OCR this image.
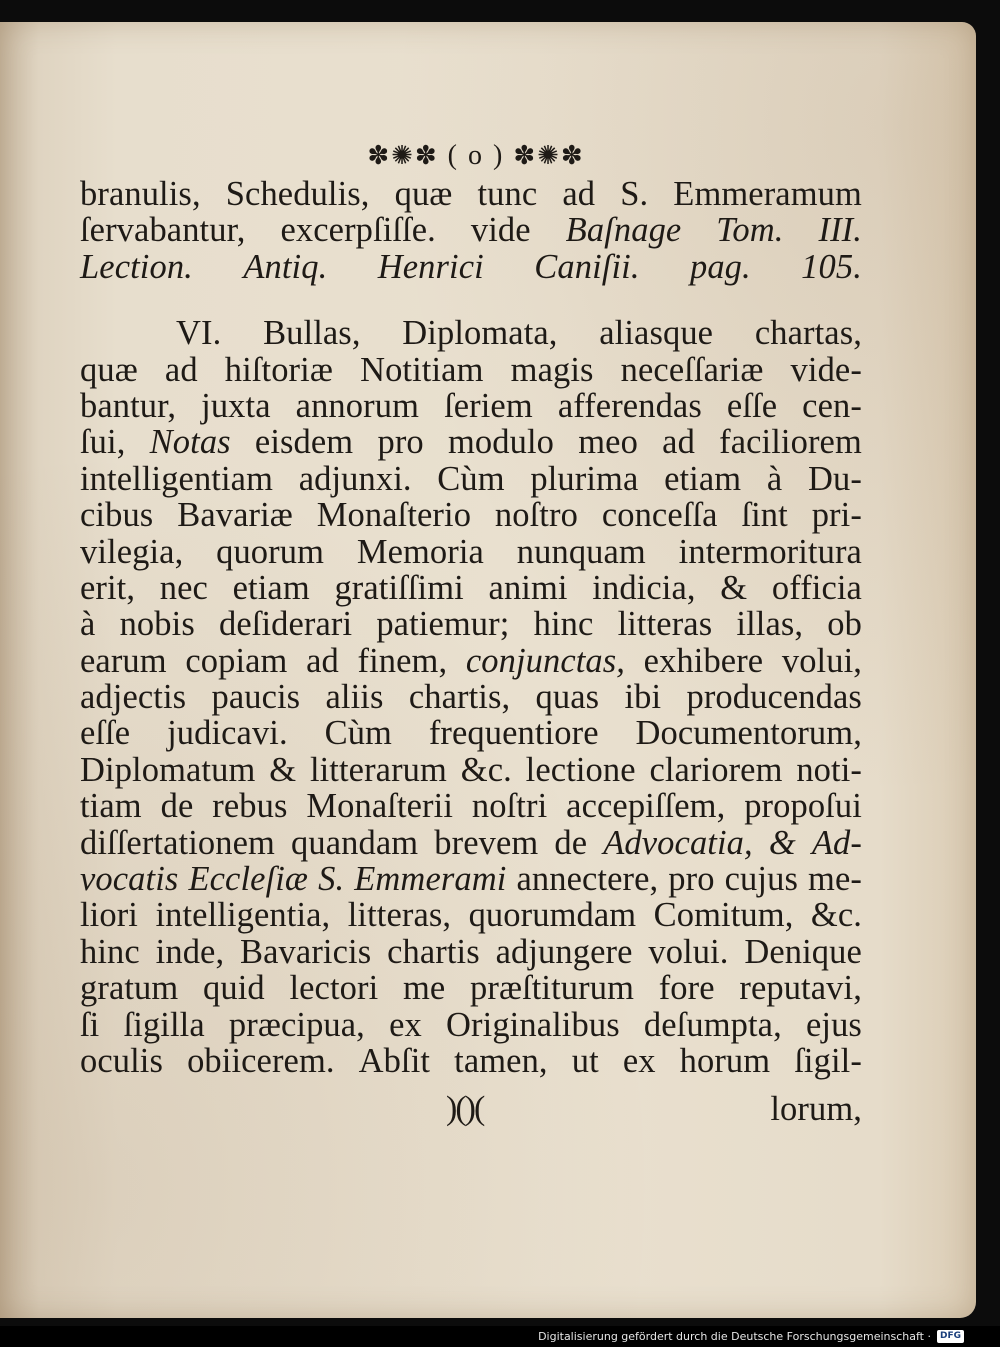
✽✺✽ ( o ) ✽✺✽
branulis, Schedulis, quæ tunc ad S. Emmeramum
ſervabantur, excerpſiſſe. vide Baſnage Tom. III.
Lection. Antiq. Henrici Caniſii. pag. 105.
VI. Bullas, Diplomata, aliasque chartas,
quæ ad hiſtoriæ Notitiam magis neceſſariæ vide-
bantur, juxta annorum ſeriem afferendas eſſe cen-
ſui, Notas eisdem pro modulo meo ad faciliorem
intelligentiam adjunxi. Cùm plurima etiam à Du-
cibus Bavariæ Monaſterio noſtro conceſſa ſint pri-
vilegia, quorum Memoria nunquam intermoritura
erit, nec etiam gratiſſimi animi indicia, & officia
à nobis deſiderari patiemur; hinc litteras illas, ob
earum copiam ad finem, conjunctas, exhibere volui,
adjectis paucis aliis chartis, quas ibi producendas
eſſe judicavi. Cùm frequentiore Documentorum,
Diplomatum & litterarum &c. lectione clariorem noti-
tiam de rebus Monaſterii noſtri accepiſſem, propoſui
diſſertationem quandam brevem de Advocatia, & Ad-
vocatis Eccleſiæ S. Emmerami annectere, pro cujus me-
liori intelligentia, litteras, quorumdam Comitum, &c.
hinc inde, Bavaricis chartis adjungere volui. Denique
gratum quid lectori me præſtiturum fore reputavi,
ſi ſigilla præcipua, ex Originalibus deſumpta, ejus
oculis obiicerem. Abſit tamen, ut ex horum ſigil-
)()(	lorum,
Digitalisierung gefördert durch die Deutsche Forschungsgemeinschaft ·	DFG
